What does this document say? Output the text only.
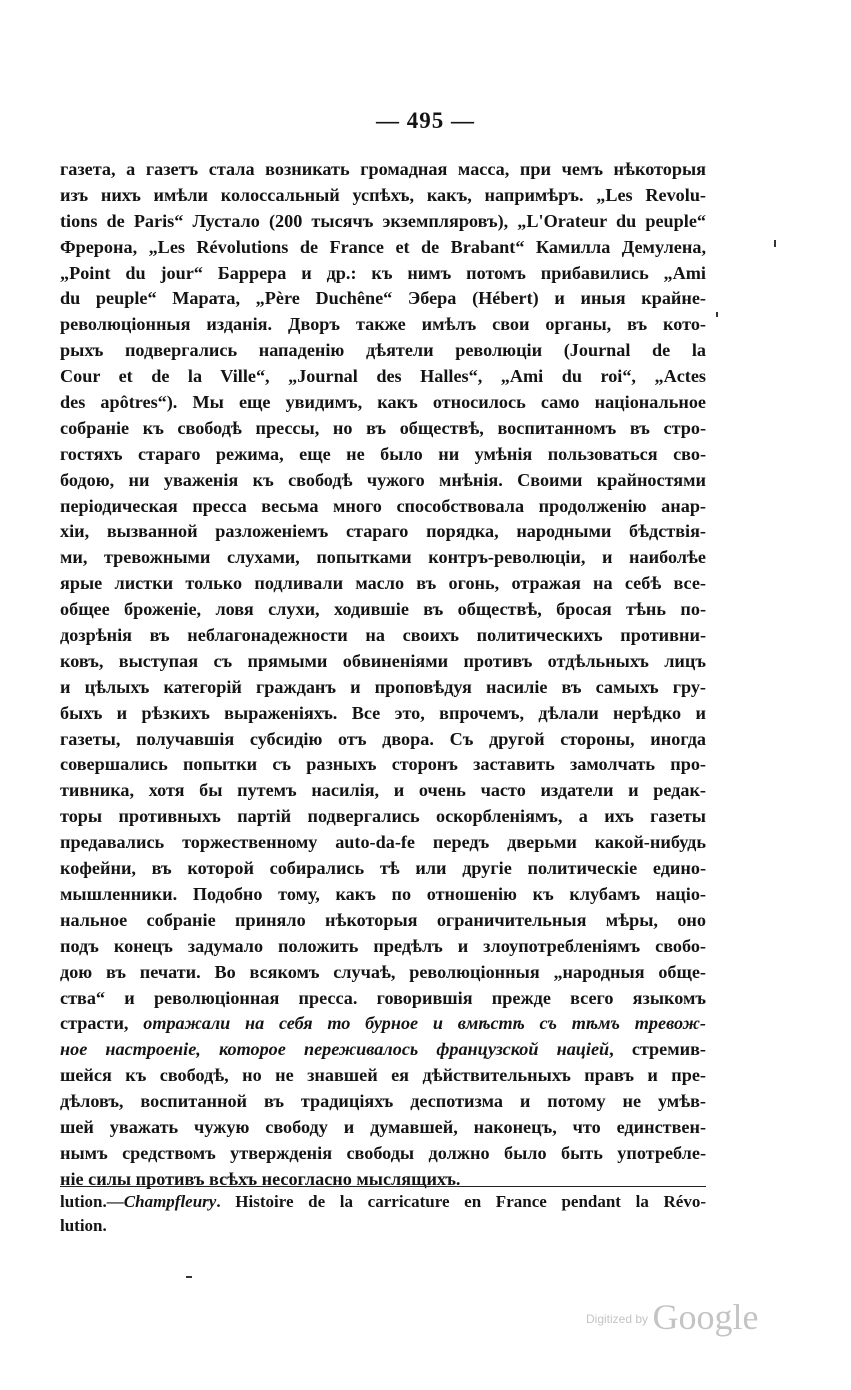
— 495 —
газета, а газетъ стала возникать громадная масса, при чемъ нѣкоторыя
изъ нихъ имѣли колоссальный успѣхъ, какъ, напримѣръ. „Les Revolu-
tions de Paris“ Лустало (200 тысячъ экземпляровъ), „L'Orateur du peuple“
Фрерона, „Les Révolutions de France et de Brabant“ Камилла Демулена,
„Point du jour“ Баррера и др.: къ нимъ потомъ прибавились „Ami
du peuple“ Марата, „Père Duchêne“ Эбера (Hébert) и иныя крайне-
революціонныя изданія. Дворъ также имѣлъ свои органы, въ кото-
рыхъ подвергались нападенію дѣятели революціи (Journal de la
Cour et de la Ville“, „Journal des Halles“, „Ami du roi“, „Actes
des apôtres“). Мы еще увидимъ, какъ относилось само національное
собраніе къ свободѣ прессы, но въ обществѣ, воспитанномъ въ стро-
гостяхъ стараго режима, еще не было ни умѣнія пользоваться сво-
бодою, ни уваженія къ свободѣ чужого мнѣнія. Своими крайностями
періодическая пресса весьма много способствовала продолженію анар-
хіи, вызванной разложеніемъ стараго порядка, народными бѣдствія-
ми, тревожными слухами, попытками контръ-революціи, и наиболѣе
ярые листки только подливали масло въ огонь, отражая на себѣ все-
общее броженіе, ловя слухи, ходившіе въ обществѣ, бросая тѣнь по-
дозрѣнія въ неблагонадежности на своихъ политическихъ противни-
ковъ, выступая съ прямыми обвиненіями противъ отдѣльныхъ лицъ
и цѣлыхъ категорій гражданъ и проповѣдуя насиліе въ самыхъ гру-
быхъ и рѣзкихъ выраженіяхъ. Все это, впрочемъ, дѣлали нерѣдко и
газеты, получавшія субсидію отъ двора. Съ другой стороны, иногда
совершались попытки съ разныхъ сторонъ заставить замолчать про-
тивника, хотя бы путемъ насилія, и очень часто издатели и редак-
торы противныхъ партій подвергались оскорбленіямъ, а ихъ газеты
предавались торжественному auto-da-fe передъ дверьми какой-нибудь
кофейни, въ которой собирались тѣ или другіе политическіе едино-
мышленники. Подобно тому, какъ по отношенію къ клубамъ націо-
нальное собраніе приняло нѣкоторыя ограничительныя мѣры, оно
подъ конецъ задумало положить предѣлъ и злоупотребленіямъ свобо-
дою въ печати. Во всякомъ случаѣ, революціонныя „народныя обще-
ства“ и революціонная пресса. говорившія прежде всего языкомъ
страсти, отражали на себя то бурное и вмѣстѣ съ тѣмъ тревож-
ное настроеніе, которое переживалось французской націей, стремив-
шейся къ свободѣ, но не знавшей ея дѣйствительныхъ правъ и пре-
дѣловъ, воспитанной въ традиціяхъ деспотизма и потому не умѣв-
шей уважать чужую свободу и думавшей, наконецъ, что единствен-
нымъ средствомъ утвержденія свободы должно было быть употребле-
ніе силы противъ всѣхъ несогласно мыслящихъ.
lution.—Champfleury. Histoire de la carricature en France pendant la Révo-
lution.
$^{Digitized by}$ Google
